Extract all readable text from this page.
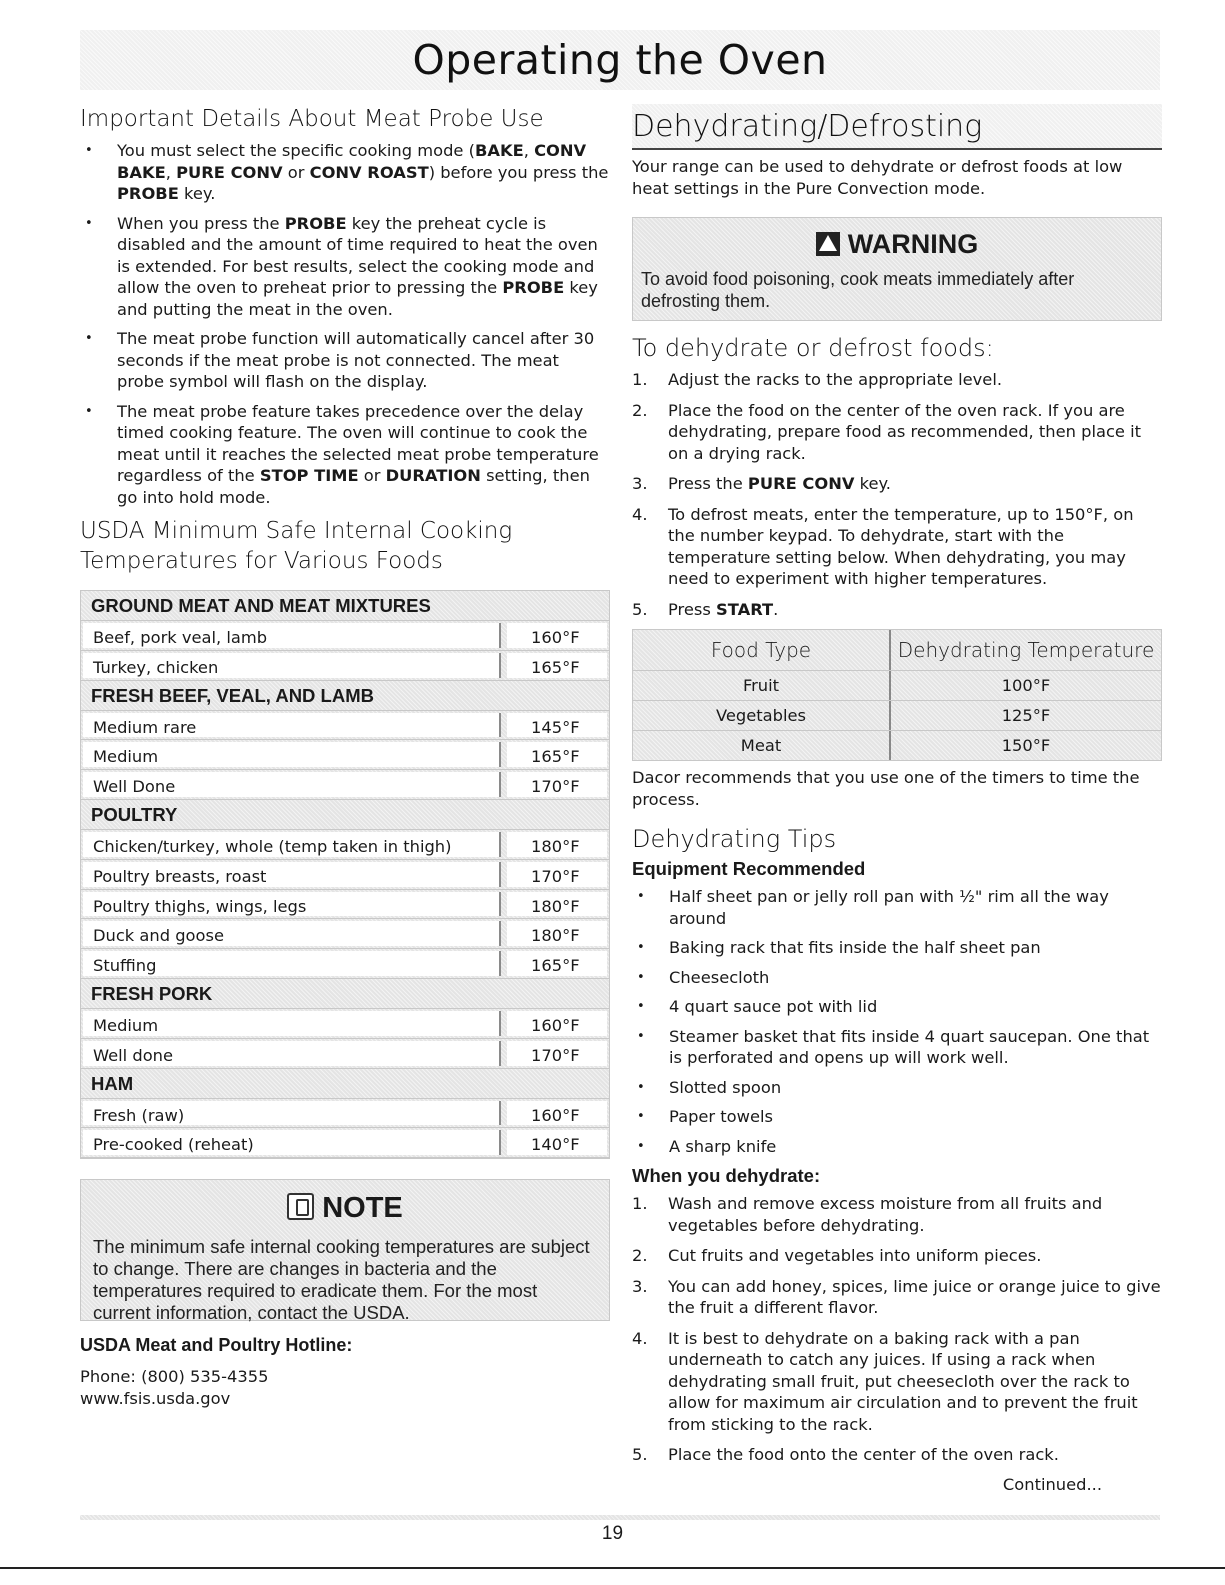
Operating the Oven
Important Details About Meat Probe Use
• You must select the specific cooking mode (BAKE, CONV BAKE, PURE CONV or CONV ROAST) before you press the PROBE key.
• When you press the PROBE key the preheat cycle is disabled and the amount of time required to heat the oven is extended. For best results, select the cooking mode and allow the oven to preheat prior to pressing the PROBE key and putting the meat in the oven.
• The meat probe function will automatically cancel after 30 seconds if the meat probe is not connected. The meat probe symbol will flash on the display.
• The meat probe feature takes precedence over the delay timed cooking feature. The oven will continue to cook the meat until it reaches the selected meat probe temperature regardless of the STOP TIME or DURATION setting, then go into hold mode.
USDA Minimum Safe Internal Cooking Temperatures for Various Foods
GROUND MEAT AND MEAT MIXTURES
Beef, pork veal, lamb	160°F
Turkey, chicken	165°F
FRESH BEEF, VEAL, AND LAMB
Medium rare	145°F
Medium	165°F
Well Done	170°F
POULTRY
Chicken/turkey, whole (temp taken in thigh)	180°F
Poultry breasts, roast	170°F
Poultry thighs, wings, legs	180°F
Duck and goose	180°F
Stuffing	165°F
FRESH PORK
Medium	160°F
Well done	170°F
HAM
Fresh (raw)	160°F
Pre-cooked (reheat)	140°F
NOTE
The minimum safe internal cooking temperatures are subject to change. There are changes in bacteria and the temperatures required to eradicate them. For the most current information, contact the USDA.
USDA Meat and Poultry Hotline:
Phone: (800) 535-4355
www.fsis.usda.gov
Dehydrating/Defrosting

Your range can be used to dehydrate or defrost foods at low heat settings in the Pure Convection mode.

WARNING
To avoid food poisoning, cook meats immediately after defrosting them.
To dehydrate or defrost foods:
1. Adjust the racks to the appropriate level.
2. Place the food on the center of the oven rack. If you are dehydrating, prepare food as recommended, then place it on a drying rack.
3. Press the PURE CONV key.
4. To defrost meats, enter the temperature, up to 150°F, on the number keypad. To dehydrate, start with the temperature setting below. When dehydrating, you may need to experiment with higher temperatures.
5. Press START.
Food Type	Dehydrating Temperature
Fruit	100°F
Vegetables	125°F
Meat	150°F

Dacor recommends that you use one of the timers to time the process.

Dehydrating Tips
Equipment Recommended
• Half sheet pan or jelly roll pan with ½" rim all the way around
• Baking rack that fits inside the half sheet pan
• Cheesecloth
• 4 quart sauce pot with lid
• Steamer basket that fits inside 4 quart saucepan. One that is perforated and opens up will work well.
• Slotted spoon
• Paper towels
• A sharp knife
When you dehydrate:
1. Wash and remove excess moisture from all fruits and vegetables before dehydrating.
2. Cut fruits and vegetables into uniform pieces.
3. You can add honey, spices, lime juice or orange juice to give the fruit a different flavor.
4. It is best to dehydrate on a baking rack with a pan underneath to catch any juices. If using a rack when dehydrating small fruit, put cheesecloth over the rack to allow for maximum air circulation and to prevent the fruit from sticking to the rack.
5. Place the food onto the center of the oven rack.
Continued...
19
